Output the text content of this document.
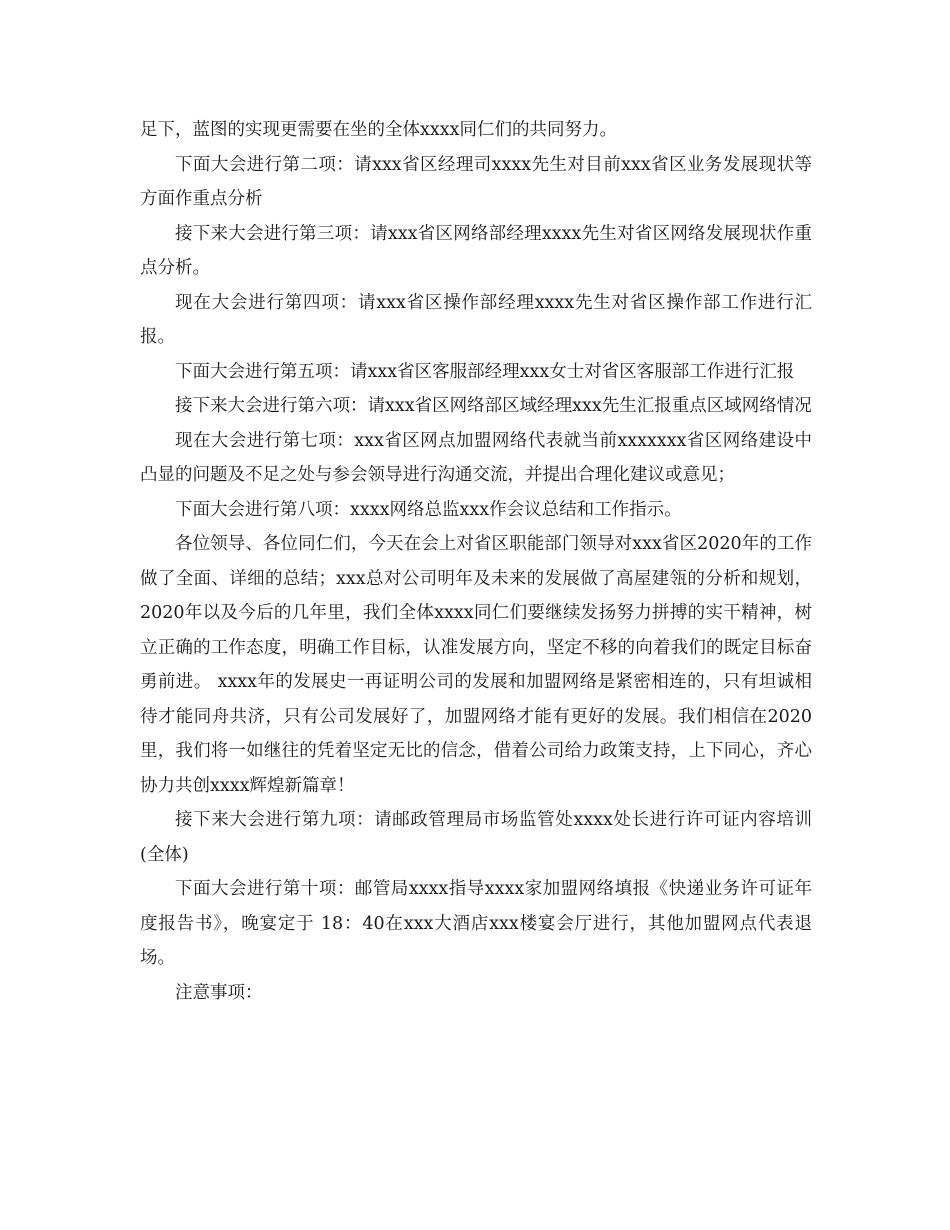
足下，蓝图的实现更需要在坐的全体xxxx同仁们的共同努力。

下面大会进行第二项：请xxx省区经理司xxxx先生对目前xxx省区业务发展现状等方面作重点分析

接下来大会进行第三项：请xxx省区网络部经理xxxx先生对省区网络发展现状作重点分析。

现在大会进行第四项：请xxx省区操作部经理xxxx先生对省区操作部工作进行汇报。

下面大会进行第五项：请xxx省区客服部经理xxx女士对省区客服部工作进行汇报

接下来大会进行第六项：请xxx省区网络部区域经理xxx先生汇报重点区域网络情况

现在大会进行第七项：xxx省区网点加盟网络代表就当前xxxxxxx省区网络建设中凸显的问题及不足之处与参会领导进行沟通交流，并提出合理化建议或意见；

下面大会进行第八项：xxxx网络总监xxx作会议总结和工作指示。

各位领导、各位同仁们，今天在会上对省区职能部门领导对xxx省区2020年的工作做了全面、详细的总结；xxx总对公司明年及未来的发展做了高屋建瓴的分析和规划，2020年以及今后的几年里，我们全体xxxx同仁们要继续发扬努力拼搏的实干精神，树立正确的工作态度，明确工作目标，认准发展方向，坚定不移的向着我们的既定目标奋勇前进。 xxxx年的发展史一再证明公司的发展和加盟网络是紧密相连的，只有坦诚相待才能同舟共济，只有公司发展好了，加盟网络才能有更好的发展。我们相信在2020里，我们将一如继往的凭着坚定无比的信念，借着公司给力政策支持，上下同心，齐心协力共创xxxx辉煌新篇章！

接下来大会进行第九项：请邮政管理局市场监管处xxxx处长进行许可证内容培训(全体)

下面大会进行第十项：邮管局xxxx指导xxxx家加盟网络填报《快递业务许可证年度报告书》，晚宴定于 18：40在xxx大酒店xxx楼宴会厅进行，其他加盟网点代表退场。

注意事项：
